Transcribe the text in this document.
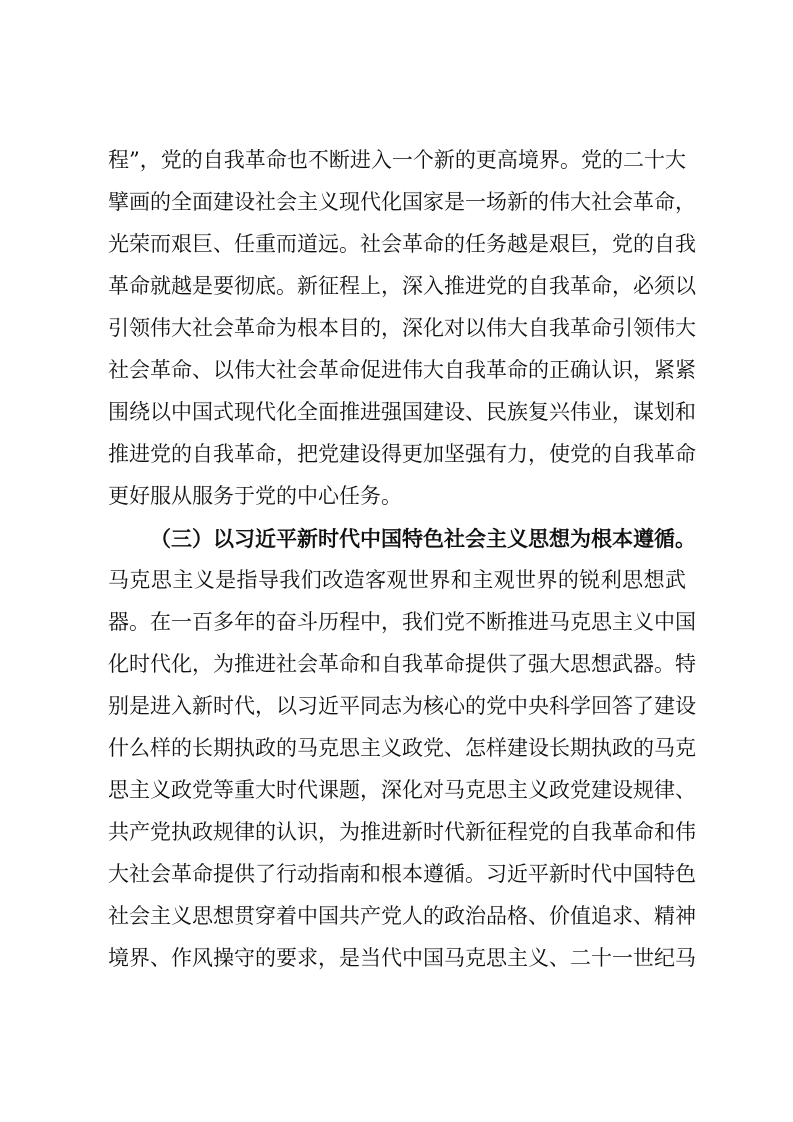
程”，党的自我革命也不断进入一个新的更高境界。党的二十大
擘画的全面建设社会主义现代化国家是一场新的伟大社会革命，
光荣而艰巨、任重而道远。社会革命的任务越是艰巨，党的自我
革命就越是要彻底。新征程上，深入推进党的自我革命，必须以
引领伟大社会革命为根本目的，深化对以伟大自我革命引领伟大
社会革命、以伟大社会革命促进伟大自我革命的正确认识，紧紧
围绕以中国式现代化全面推进强国建设、民族复兴伟业，谋划和
推进党的自我革命，把党建设得更加坚强有力，使党的自我革命
更好服从服务于党的中心任务。
（三）以习近平新时代中国特色社会主义思想为根本遵循。
马克思主义是指导我们改造客观世界和主观世界的锐利思想武
器。在一百多年的奋斗历程中，我们党不断推进马克思主义中国
化时代化，为推进社会革命和自我革命提供了强大思想武器。特
别是进入新时代，以习近平同志为核心的党中央科学回答了建设
什么样的长期执政的马克思主义政党、怎样建设长期执政的马克
思主义政党等重大时代课题，深化对马克思主义政党建设规律、
共产党执政规律的认识，为推进新时代新征程党的自我革命和伟
大社会革命提供了行动指南和根本遵循。习近平新时代中国特色
社会主义思想贯穿着中国共产党人的政治品格、价值追求、精神
境界、作风操守的要求，是当代中国马克思主义、二十一世纪马
